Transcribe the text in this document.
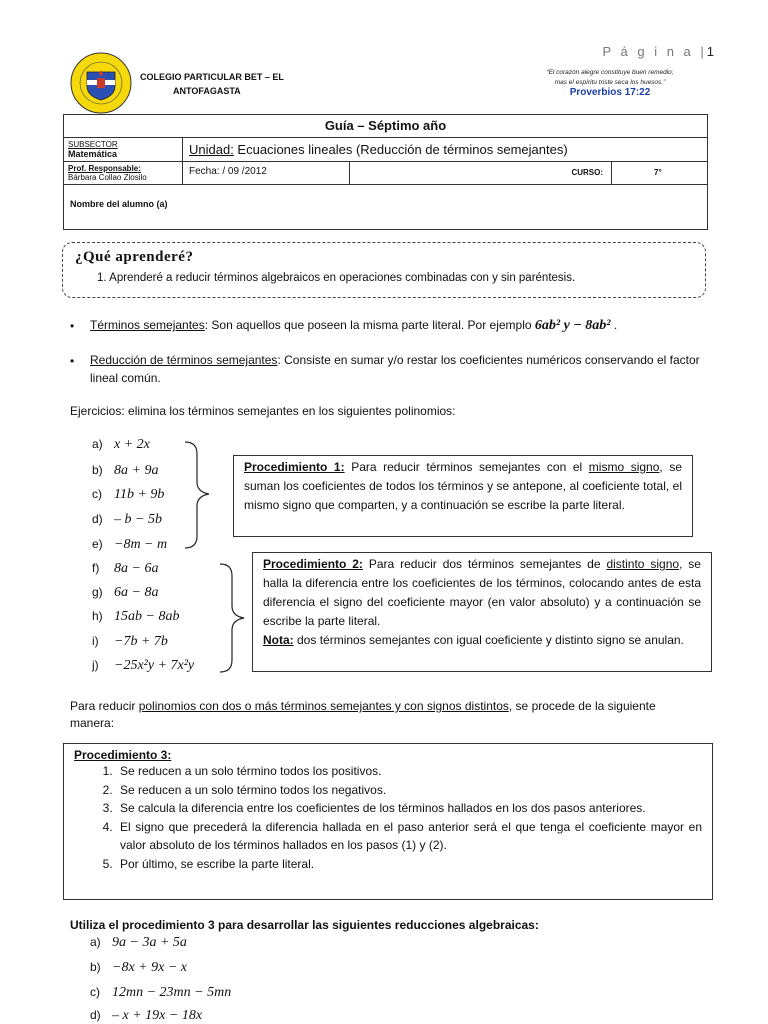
P á g i n a |1
COLEGIO PARTICULAR BET – EL
ANTOFAGASTA
“El corazón alegre constituye buen remedio;
mas el espíritu triste seca los huesos.”
Proverbios 17:22
Guía – Séptimo año
SUBSECTOR
Matemática	Unidad: Ecuaciones lineales (Reducción de términos semejantes)
Prof. Responsable:
Bárbara Collao Zlosilo
Fecha: / 09 /2012	CURSO:	7°
Nombre del alumno (a)
¿Qué aprenderé?
1. Aprenderé a reducir términos algebraicos en operaciones combinadas con y sin paréntesis.
• Términos semejantes: Son aquellos que poseen la misma parte literal. Por ejemplo 6ab² y − 8ab² .
• Reducción de términos semejantes: Consiste en sumar y/o restar los coeficientes numéricos conservando el factor lineal común.
Ejercicios: elimina los términos semejantes en los siguientes polinomios:
a) x + 2x
b) 8a + 9a
c) 11b + 9b
d) – b − 5b
e) −8m − m
f) 8a − 6a
g) 6a − 8a
h) 15ab − 8ab
i) −7b + 7b
j) −25x²y + 7x²y
Procedimiento 1: Para reducir términos semejantes con el mismo signo, se suman los coeficientes de todos los términos y se antepone, al coeficiente total, el mismo signo que comparten, y a continuación se escribe la parte literal.
Procedimiento 2: Para reducir dos términos semejantes de distinto signo, se halla la diferencia entre los coeficientes de los términos, colocando antes de esta diferencia el signo del coeficiente mayor (en valor absoluto) y a continuación se escribe la parte literal.
Nota: dos términos semejantes con igual coeficiente y distinto signo se anulan.
Para reducir polinomios con dos o más términos semejantes y con signos distintos, se procede de la siguiente manera:
Procedimiento 3:
1. Se reducen a un solo término todos los positivos.
2. Se reducen a un solo término todos los negativos.
3. Se calcula la diferencia entre los coeficientes de los términos hallados en los dos pasos anteriores.
4. El signo que precederá la diferencia hallada en el paso anterior será el que tenga el coeficiente mayor en valor absoluto de los términos hallados en los pasos (1) y (2).
5. Por último, se escribe la parte literal.
Utiliza el procedimiento 3 para desarrollar las siguientes reducciones algebraicas:
a) 9a − 3a + 5a
b) −8x + 9x − x
c) 12mn − 23mn − 5mn
d) – x + 19x − 18x
